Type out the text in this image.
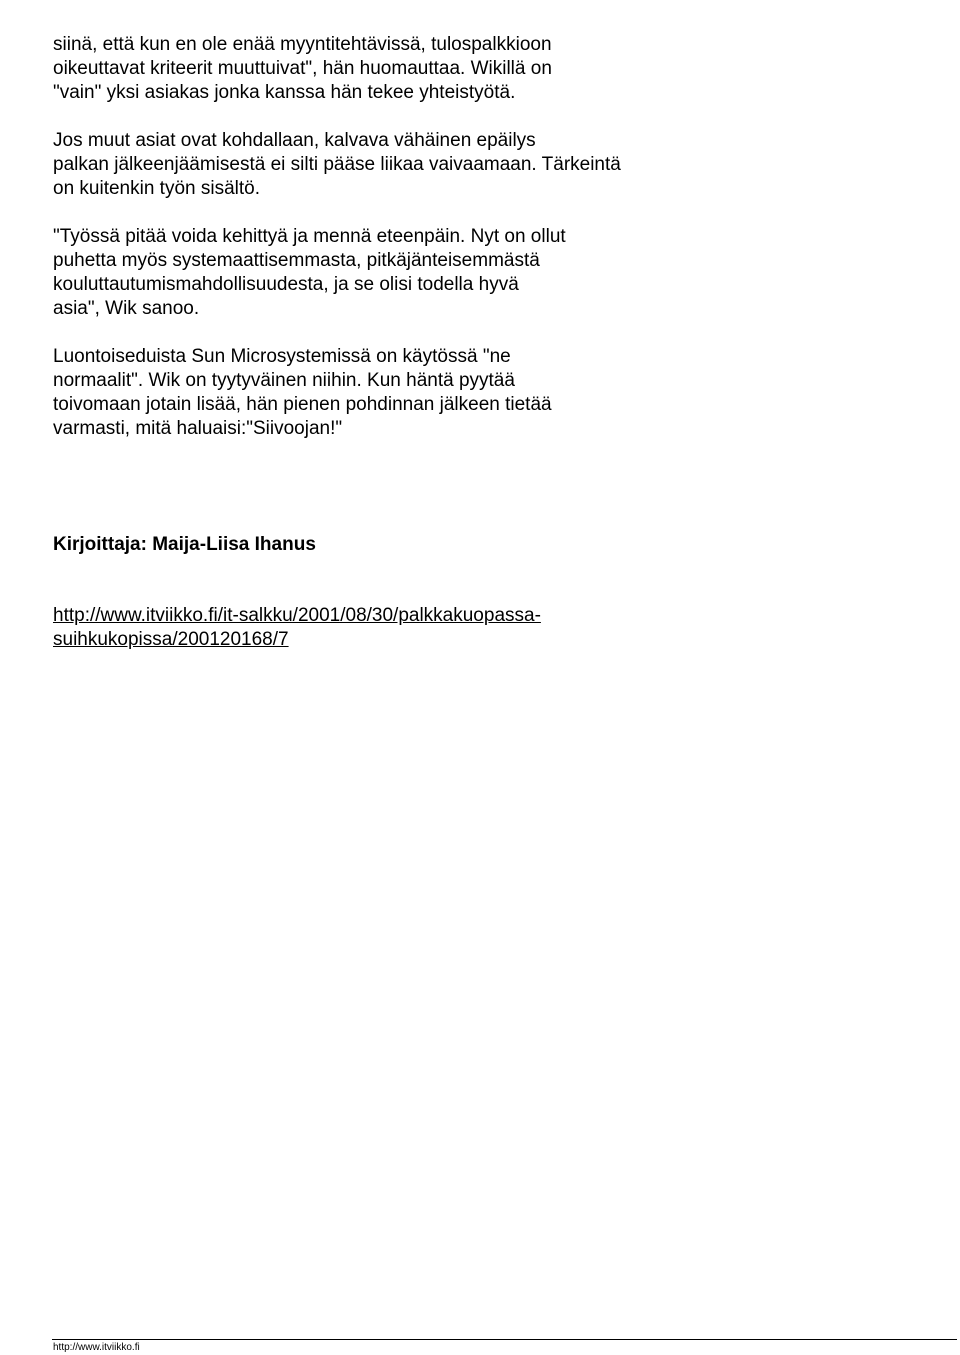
siinä, että kun en ole enää myyntitehtävissä, tulospalkkioon
oikeuttavat kriteerit muuttuivat", hän huomauttaa. Wikillä on
"vain" yksi asiakas jonka kanssa hän tekee yhteistyötä.

Jos muut asiat ovat kohdallaan, kalvava vähäinen epäilys
palkan jälkeenjäämisestä ei silti pääse liikaa vaivaamaan. Tärkeintä
on kuitenkin työn sisältö.

"Työssä pitää voida kehittyä ja mennä eteenpäin. Nyt on ollut
puhetta myös systemaattisemmasta, pitkäjänteisemmästä
kouluttautumismahdollisuudesta, ja se olisi todella hyvä
asia", Wik sanoo.

Luontoiseduista Sun Microsystemissä on käytössä "ne
normaalit". Wik on tyytyväinen niihin. Kun häntä pyytää
toivomaan jotain lisää, hän pienen pohdinnan jälkeen tietää
varmasti, mitä haluaisi:"Siivoojan!"

Kirjoittaja: Maija-Liisa Ihanus
http://www.itviikko.fi/it-salkku/2001/08/30/palkkakuopassa-
suihkukopissa/200120168/7
http://www.itviikko.fi
